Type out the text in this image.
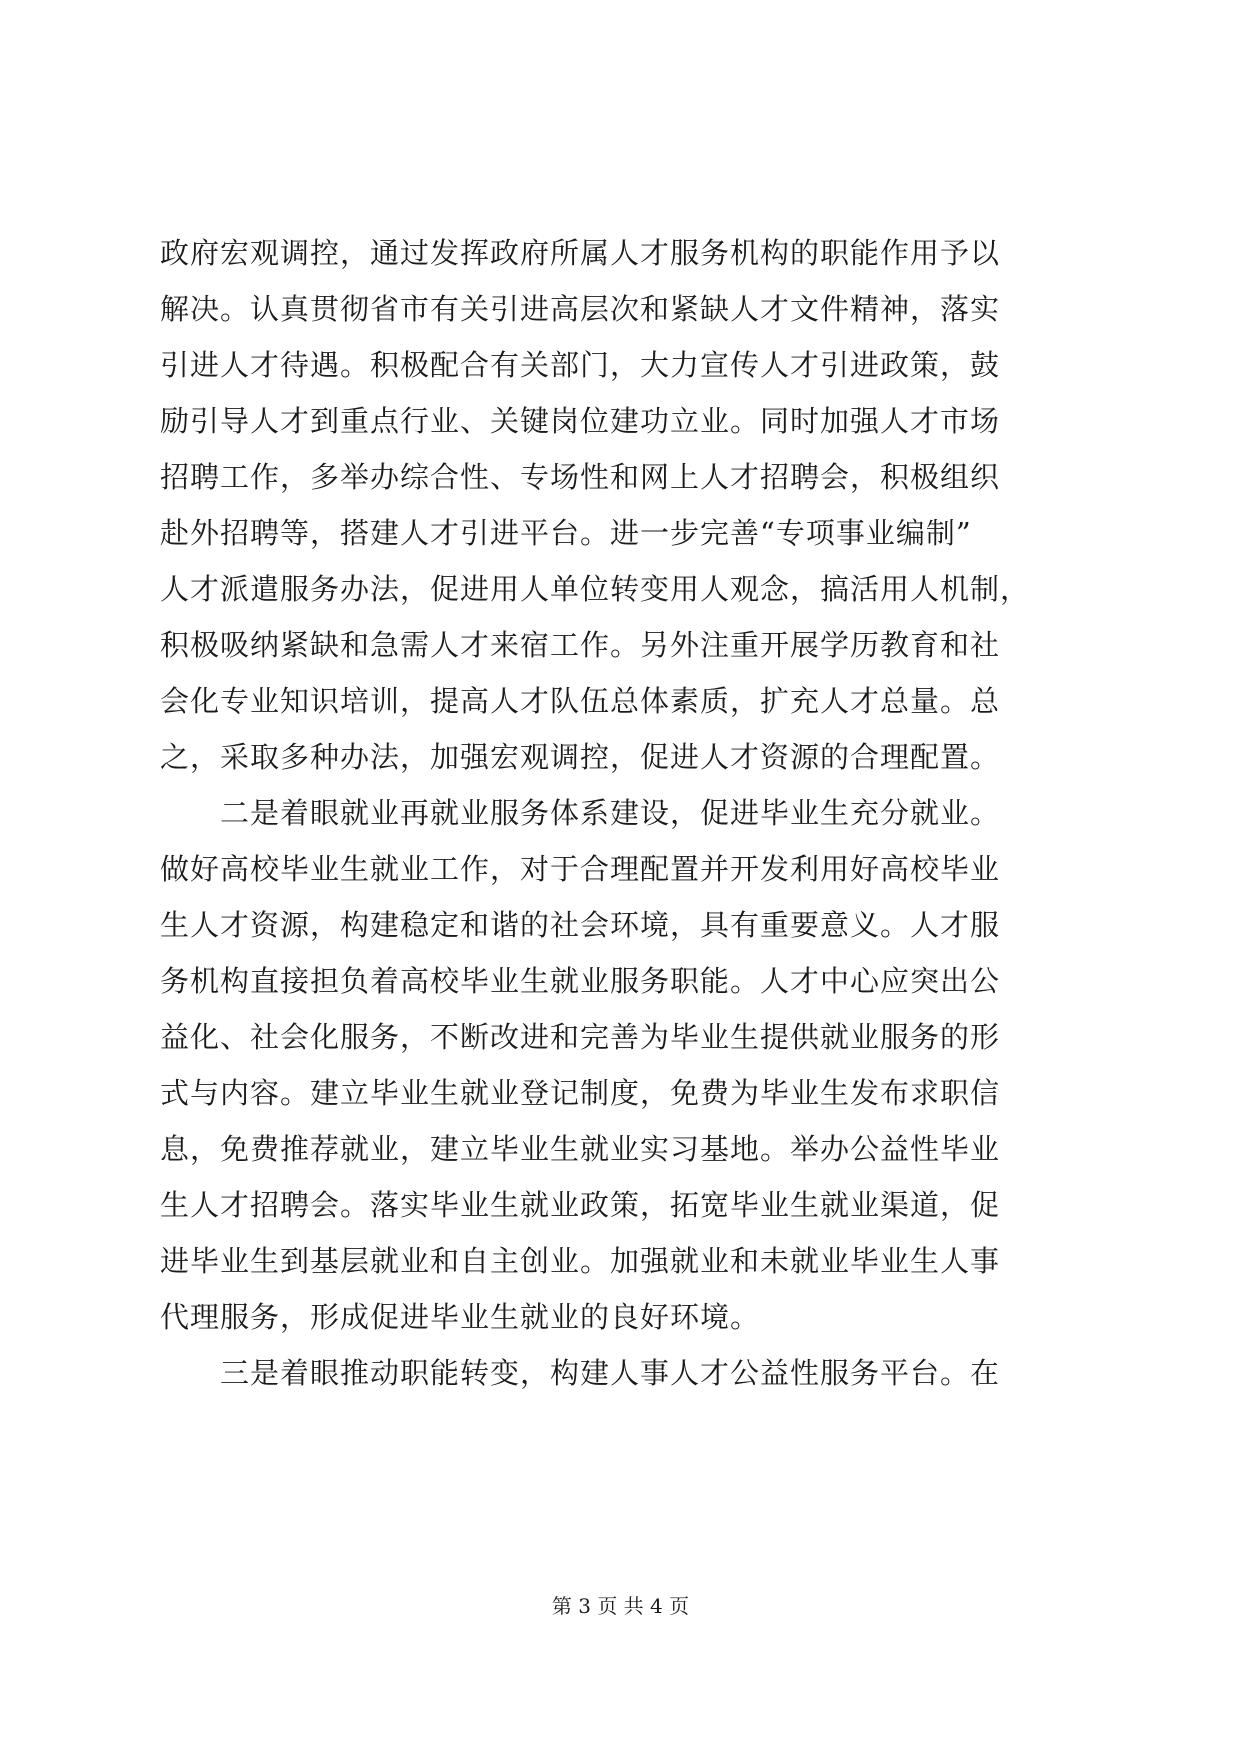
政府宏观调控，通过发挥政府所属人才服务机构的职能作用予以
解决。认真贯彻省市有关引进高层次和紧缺人才文件精神，落实
引进人才待遇。积极配合有关部门，大力宣传人才引进政策，鼓
励引导人才到重点行业、关键岗位建功立业。同时加强人才市场
招聘工作，多举办综合性、专场性和网上人才招聘会，积极组织
赴外招聘等，搭建人才引进平台。进一步完善“专项事业编制”
人才派遣服务办法，促进用人单位转变用人观念，搞活用人机制，
积极吸纳紧缺和急需人才来宿工作。另外注重开展学历教育和社
会化专业知识培训，提高人才队伍总体素质，扩充人才总量。总
之，采取多种办法，加强宏观调控，促进人才资源的合理配置。
　　二是着眼就业再就业服务体系建设，促进毕业生充分就业。
做好高校毕业生就业工作，对于合理配置并开发利用好高校毕业
生人才资源，构建稳定和谐的社会环境，具有重要意义。人才服
务机构直接担负着高校毕业生就业服务职能。人才中心应突出公
益化、社会化服务，不断改进和完善为毕业生提供就业服务的形
式与内容。建立毕业生就业登记制度，免费为毕业生发布求职信
息，免费推荐就业，建立毕业生就业实习基地。举办公益性毕业
生人才招聘会。落实毕业生就业政策，拓宽毕业生就业渠道，促
进毕业生到基层就业和自主创业。加强就业和未就业毕业生人事
代理服务，形成促进毕业生就业的良好环境。
　　三是着眼推动职能转变，构建人事人才公益性服务平台。在
第 3 页 共 4 页
